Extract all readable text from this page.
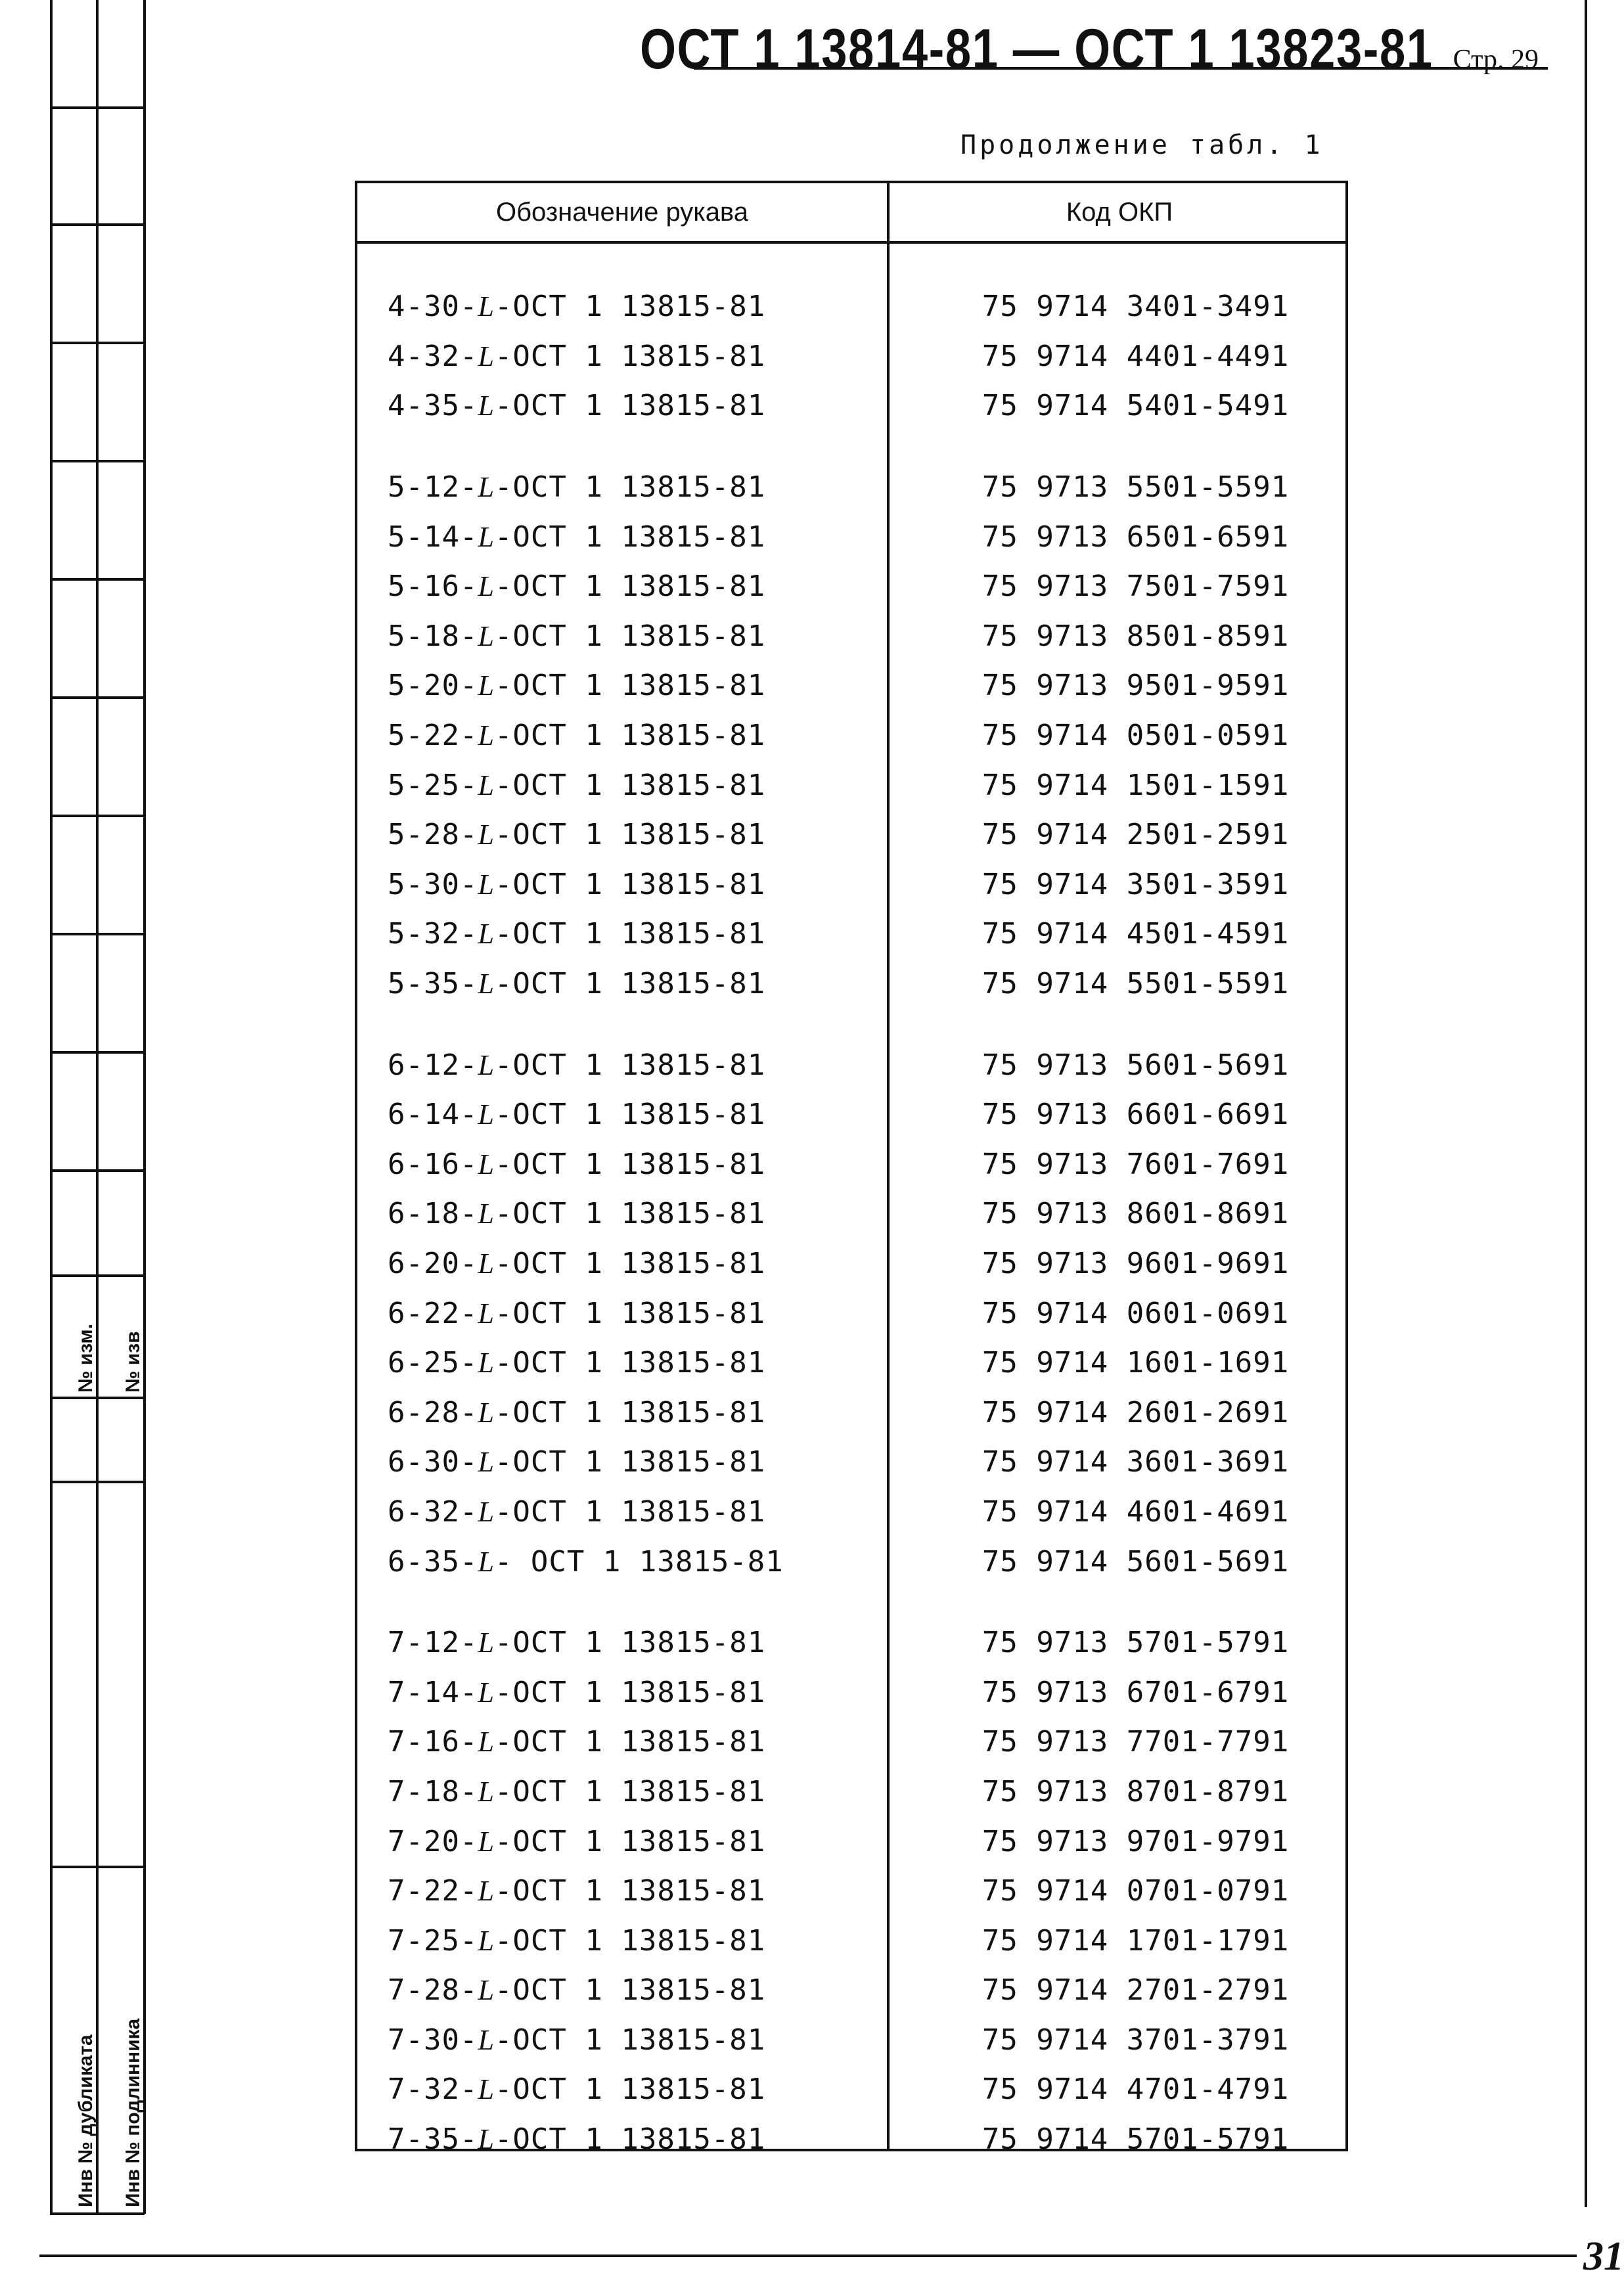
№ изм. № изв
Инв № дубликата Инв № подлинника
ОСТ 1 13814-81 — ОСТ 1 13823-81 Стр. 29
Продолжение табл. 1
Обозначение рукава	Код ОКП
4-30-L-ОСТ 1 13815-81	75 9714 3401-3491
4-32-L-ОСТ 1 13815-81	75 9714 4401-4491
4-35-L-ОСТ 1 13815-81	75 9714 5401-5491
5-12-L-ОСТ 1 13815-81	75 9713 5501-5591
5-14-L-ОСТ 1 13815-81	75 9713 6501-6591
5-16-L-ОСТ 1 13815-81	75 9713 7501-7591
5-18-L-ОСТ 1 13815-81	75 9713 8501-8591
5-20-L-ОСТ 1 13815-81	75 9713 9501-9591
5-22-L-ОСТ 1 13815-81	75 9714 0501-0591
5-25-L-ОСТ 1 13815-81	75 9714 1501-1591
5-28-L-ОСТ 1 13815-81	75 9714 2501-2591
5-30-L-ОСТ 1 13815-81	75 9714 3501-3591
5-32-L-ОСТ 1 13815-81	75 9714 4501-4591
5-35-L-ОСТ 1 13815-81	75 9714 5501-5591
6-12-L-ОСТ 1 13815-81	75 9713 5601-5691
6-14-L-ОСТ 1 13815-81	75 9713 6601-6691
6-16-L-ОСТ 1 13815-81	75 9713 7601-7691
6-18-L-ОСТ 1 13815-81	75 9713 8601-8691
6-20-L-ОСТ 1 13815-81	75 9713 9601-9691
6-22-L-ОСТ 1 13815-81	75 9714 0601-0691
6-25-L-ОСТ 1 13815-81	75 9714 1601-1691
6-28-L-ОСТ 1 13815-81	75 9714 2601-2691
6-30-L-ОСТ 1 13815-81	75 9714 3601-3691
6-32-L-ОСТ 1 13815-81	75 9714 4601-4691
6-35-L- ОСТ 1 13815-81	75 9714 5601-5691
7-12-L-ОСТ 1 13815-81	75 9713 5701-5791
7-14-L-ОСТ 1 13815-81	75 9713 6701-6791
7-16-L-ОСТ 1 13815-81	75 9713 7701-7791
7-18-L-ОСТ 1 13815-81	75 9713 8701-8791
7-20-L-ОСТ 1 13815-81	75 9713 9701-9791
7-22-L-ОСТ 1 13815-81	75 9714 0701-0791
7-25-L-ОСТ 1 13815-81	75 9714 1701-1791
7-28-L-ОСТ 1 13815-81	75 9714 2701-2791
7-30-L-ОСТ 1 13815-81	75 9714 3701-3791
7-32-L-ОСТ 1 13815-81	75 9714 4701-4791
7-35-L-ОСТ 1 13815-81	75 9714 5701-5791
31
